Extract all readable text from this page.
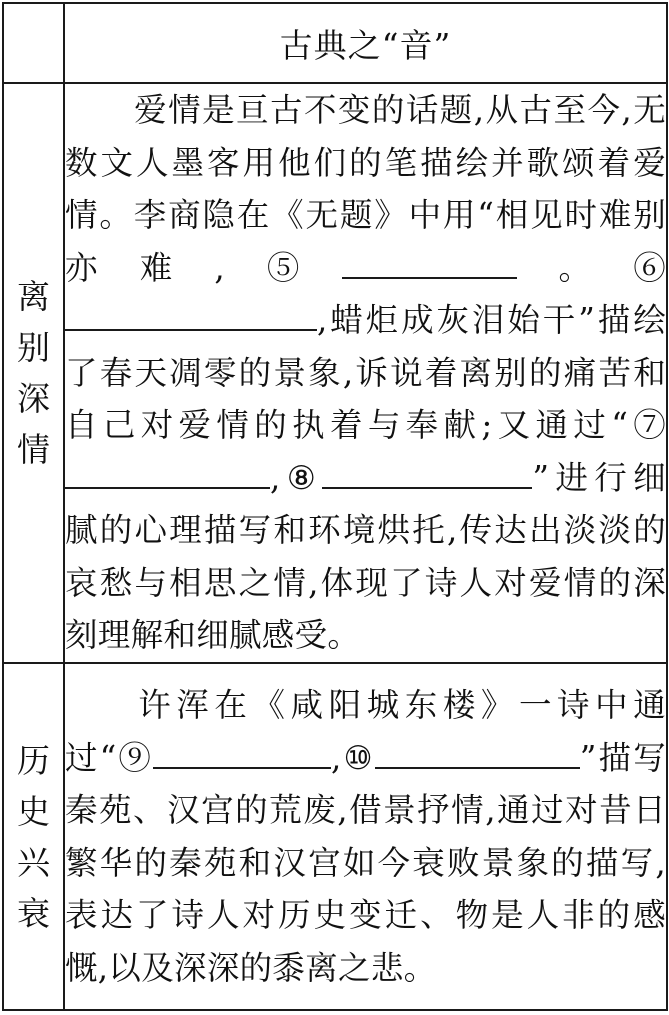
	古典之“音”

离
别
深
情	爱情是亘古不变的话题,从古至今,无数文人墨客用他们的笔描绘并歌颂着爱情。李商隐在《无题》中用“相见时难别亦难,⑤ 。⑥,蜡炬成灰泪始干”描绘了春天凋零的景象,诉说着离别的痛苦和自己对爱情的执着与奉献;又通过“⑦,⑧ ”进行细腻的心理描写和环境烘托,传达出淡淡的哀愁与相思之情,体现了诗人对爱情的深刻理解和细腻感受。

历
史
兴
衰	许浑在《咸阳城东楼》一诗中通过“⑨ ,⑩ ”描写秦苑、汉宫的荒废,借景抒情,通过对昔日繁华的秦苑和汉宫如今衰败景象的描写,表达了诗人对历史变迁、物是人非的感慨,以及深深的黍离之悲。
